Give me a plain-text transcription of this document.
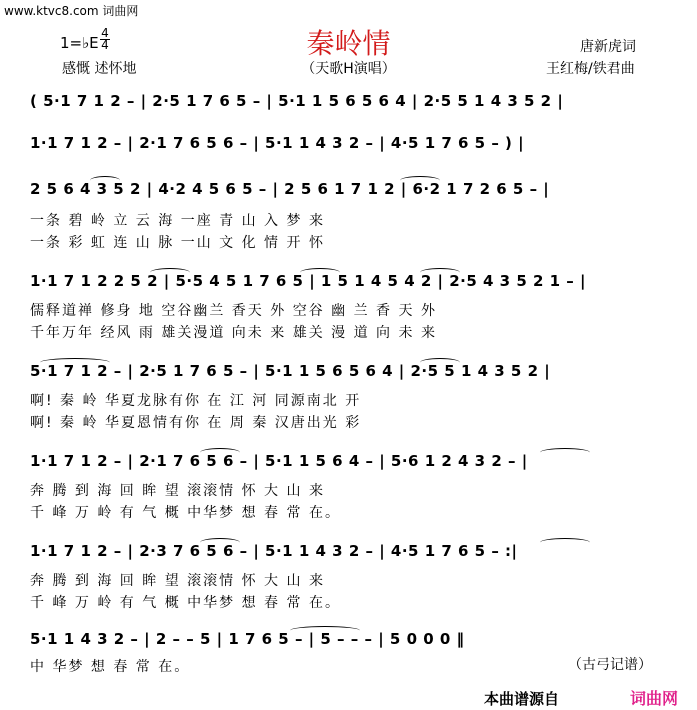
www.ktvc8.com 词曲网
秦岭情
1=♭E
4
4
感慨 述怀地	（天歌H演唱）
唐新虎词
王红梅/铁君曲
( 5·1 7 1 2 – | 2·5 1 7 6 5 – | 5·1 1 5 6 5 6 4 | 2·5 5 1 4 3 5 2 |
1·1 7 1 2 – | 2·1 7 6 5 6 – | 5·1 1 4 3 2 – | 4·5 1 7 6 5 – ) |
2 5 6 4 3 5 2 | 4·2 4 5 6 5 – | 2 5 6 1 7 1 2 | 6·2 1 7 2 6 5 – |
一条 碧 岭 立 云 海 一座 青 山 入 梦 来
一条 彩 虹 连 山 脉 一山 文 化 情 开 怀
1·1 7 1 2 2 5 2 | 5·5 4 5 1 7 6 5 | 1 5 1 4 5 4 2 | 2·5 4 3 5 2 1 – |
儒释道禅 修身 地 空谷幽兰 香天 外 空谷 幽 兰 香 天 外
千年万年 经风 雨 雄关漫道 向未 来 雄关 漫 道 向 未 来
5·1 7 1 2 – | 2·5 1 7 6 5 – | 5·1 1 5 6 5 6 4 | 2·5 5 1 4 3 5 2 |
啊! 秦 岭 华夏龙脉有你 在 江 河 同源南北 开
啊! 秦 岭 华夏恩情有你 在 周 秦 汉唐出光 彩
1·1 7 1 2 – | 2·1 7 6 5 6 – | 5·1 1 5 6 4 – | 5·6 1 2 4 3 2 – |
奔 腾 到 海 回 眸 望 滚滚情 怀 大 山 来
千 峰 万 岭 有 气 概 中华梦 想 春 常 在。
1·1 7 1 2 – | 2·3 7 6 5 6 – | 5·1 1 4 3 2 – | 4·5 1 7 6 5 – :|
奔 腾 到 海 回 眸 望 滚滚情 怀 大 山 来
千 峰 万 岭 有 气 概 中华梦 想 春 常 在。
5·1 1 4 3 2 – | 2 – – 5 | 1 7 6 5 – | 5 – – – | 5 0 0 0 ‖
中 华梦 想 春 常 在。	（古弓记谱）
本曲谱源自	词曲网
